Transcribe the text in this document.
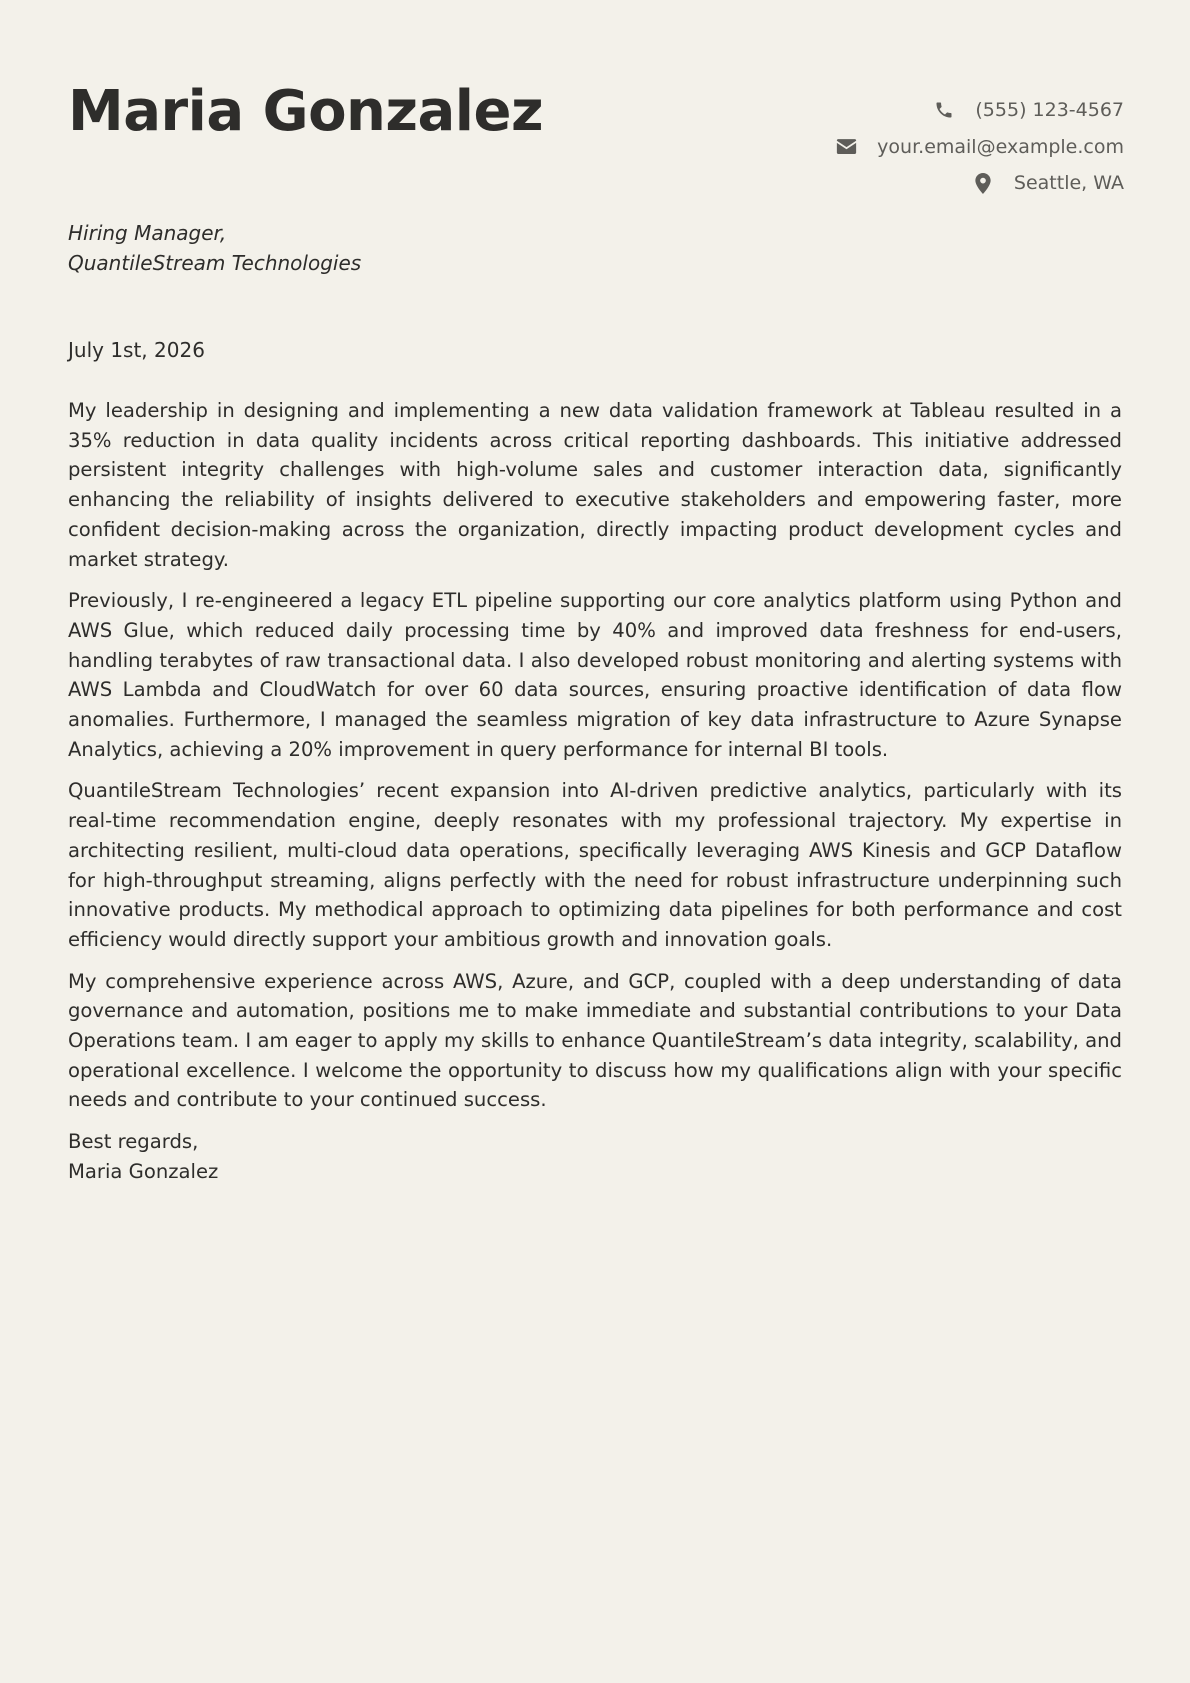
Maria Gonzalez	(555) 123-4567
your.email@example.com
Seattle, WA
Hiring Manager,
QuantileStream Technologies
July 1st, 2026

My leadership in designing and implementing a new data validation framework at Tableau resulted in a 35% reduction in data quality incidents across critical reporting dashboards. This initiative addressed persistent integrity challenges with high-volume sales and customer interaction data, significantly enhancing the reliability of insights delivered to executive stakeholders and empowering faster, more confident decision-making across the organization, directly impacting product development cycles and market strategy.

Previously, I re-engineered a legacy ETL pipeline supporting our core analytics platform using Python and AWS Glue, which reduced daily processing time by 40% and improved data freshness for end-users, handling terabytes of raw transactional data. I also developed robust monitoring and alerting systems with AWS Lambda and CloudWatch for over 60 data sources, ensuring proactive identification of data flow anomalies. Furthermore, I managed the seamless migration of key data infrastructure to Azure Synapse Analytics, achieving a 20% improvement in query performance for internal BI tools.

QuantileStream Technologies’ recent expansion into AI-driven predictive analytics, particularly with its real-time recommendation engine, deeply resonates with my professional trajectory. My expertise in architecting resilient, multi-cloud data operations, specifically leveraging AWS Kinesis and GCP Dataflow for high-throughput streaming, aligns perfectly with the need for robust infrastructure underpinning such innovative products. My methodical approach to optimizing data pipelines for both performance and cost efficiency would directly support your ambitious growth and innovation goals.

My comprehensive experience across AWS, Azure, and GCP, coupled with a deep understanding of data governance and automation, positions me to make immediate and substantial contributions to your Data Operations team. I am eager to apply my skills to enhance QuantileStream’s data integrity, scalability, and operational excellence. I welcome the opportunity to discuss how my qualifications align with your specific needs and contribute to your continued success.

Best regards,
Maria Gonzalez
